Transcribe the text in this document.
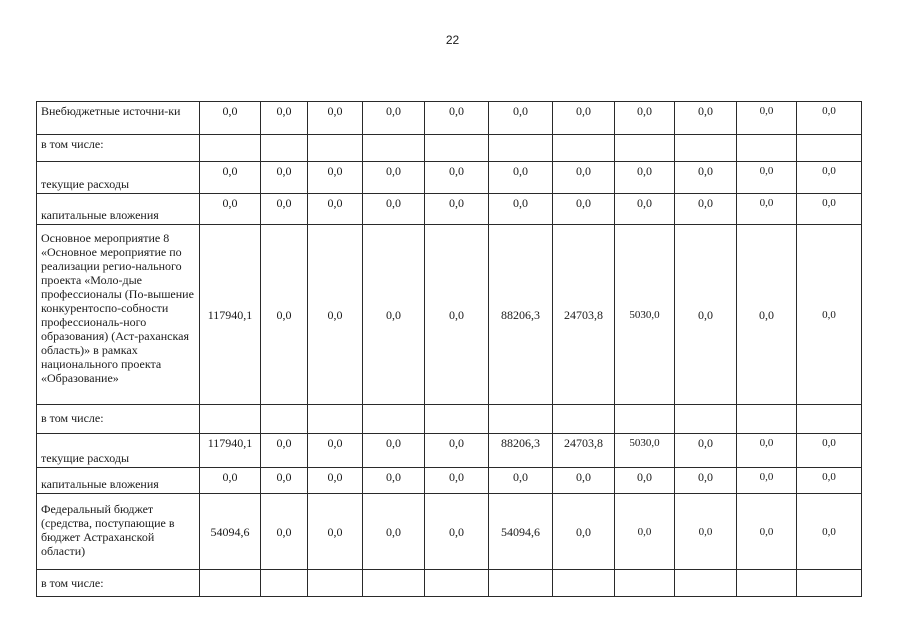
22
Внебюджетные источни-ки	0,0	0,0	0,0	0,0	0,0	0,0	0,0	0,0	0,0	0,0	0,0
в том числе:											
текущие расходы	0,0	0,0	0,0	0,0	0,0	0,0	0,0	0,0	0,0	0,0	0,0
капитальные вложения	0,0	0,0	0,0	0,0	0,0	0,0	0,0	0,0	0,0	0,0	0,0
Основное мероприятие 8 «Основное мероприятие по реализации регио-нального проекта «Моло-дые профессионалы (По-вышение конкурентоспо-собности профессиональ-ного образования) (Аст-раханская область)» в рамках национального проекта «Образование»	117940,1	0,0	0,0	0,0	0,0	88206,3	24703,8	5030,0	0,0	0,0	0,0
в том числе:											
текущие расходы	117940,1	0,0	0,0	0,0	0,0	88206,3	24703,8	5030,0	0,0	0,0	0,0
капитальные вложения	0,0	0,0	0,0	0,0	0,0	0,0	0,0	0,0	0,0	0,0	0,0
Федеральный бюджет (средства, поступающие в бюджет Астраханской области)	54094,6	0,0	0,0	0,0	0,0	54094,6	0,0	0,0	0,0	0,0	0,0
в том числе:											
